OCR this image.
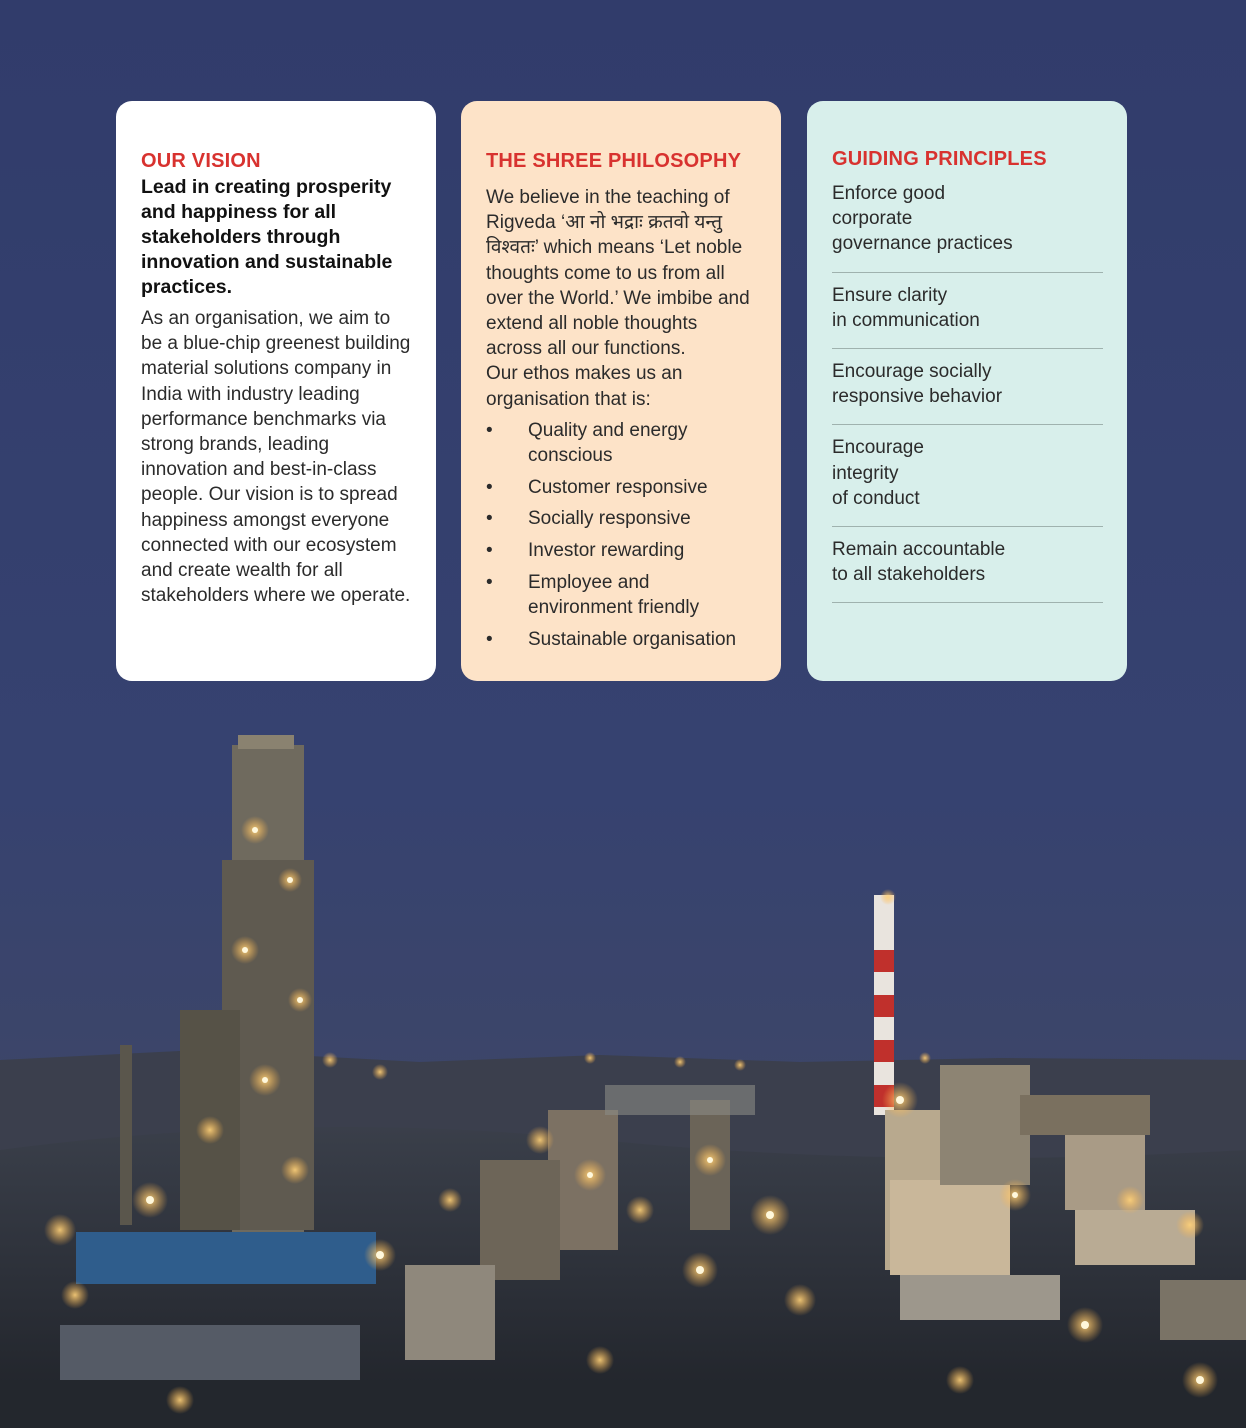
OUR VISION

Lead in creating prosperity and happiness for all stakeholders through innovation and sustainable practices.

As an organisation, we aim to be a blue-chip greenest building material solutions company in India with industry leading performance benchmarks via strong brands, leading innovation and best-in-class people. Our vision is to spread happiness amongst everyone connected with our ecosystem and create wealth for all stakeholders where we operate.

THE SHREE PHILOSOPHY

We believe in the teaching of Rigveda ‘आ नो भद्राः क्रतवो यन्तु विश्वतः’ which means ‘Let noble thoughts come to us from all over the World.’ We imbibe and extend all noble thoughts across all our functions.

Our ethos makes us an organisation that is:

• Quality and energy conscious
• Customer responsive
• Socially responsive
• Investor rewarding
• Employee and environment friendly
• Sustainable organisation
GUIDING PRINCIPLES
Enforce good
corporate
governance practices
Ensure clarity
in communication
Encourage socially
responsive behavior
Encourage
integrity
of conduct
Remain accountable
to all stakeholders
